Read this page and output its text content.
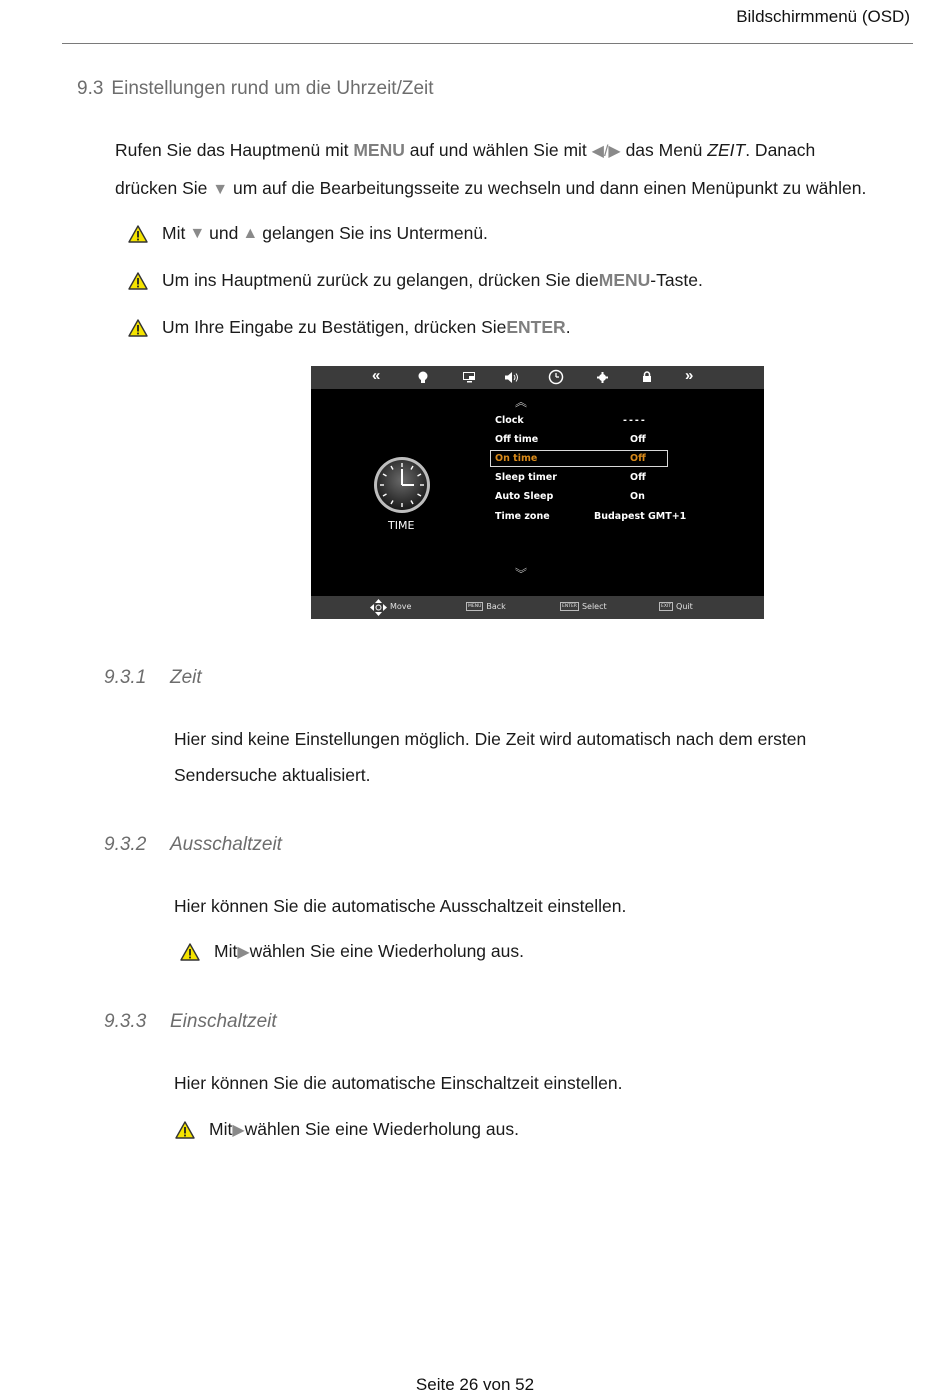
Bildschirmmenü (OSD)
9.3 Einstellungen rund um die Uhrzeit/Zeit
Rufen Sie das Hauptmenü mit MENU auf und wählen Sie mit ◀/▶ das Menü ZEIT. Danach
drücken Sie ▼ um auf die Bearbeitungsseite zu wechseln und dann einen Menüpunkt zu wählen.
Mit ▼ und ▲ gelangen Sie ins Untermenü.
Um ins Hauptmenü zurück zu gelangen, drücken Sie die MENU -Taste.
Um Ihre Eingabe zu Bestätigen, drücken Sie ENTER .
«	»
︽
︾
TIME
Clock	----
Off time	Off
On time	Off
Sleep timer	Off
Auto Sleep	On
Time zone	Budapest GMT+1
Move	MENU Back	ENTER Select	EXIT Quit
9.3.1 Zeit
Hier sind keine Einstellungen möglich. Die Zeit wird automatisch nach dem ersten
Sendersuche aktualisiert.
9.3.2 Ausschaltzeit
Hier können Sie die automatische Ausschaltzeit einstellen.
Mit ▶ wählen Sie eine Wiederholung aus.
9.3.3 Einschaltzeit
Hier können Sie die automatische Einschaltzeit einstellen.
Mit ▶ wählen Sie eine Wiederholung aus.
Seite 26 von 52
